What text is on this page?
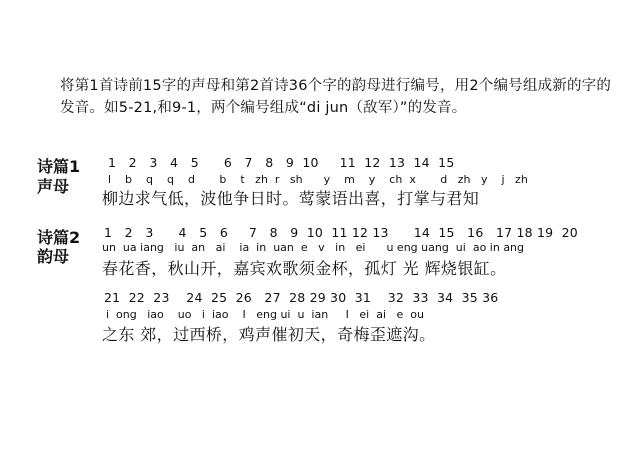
将第1首诗前15字的声母和第2首诗36个字的韵母进行编号，用2个编号组成新的字的发音。如5-21,和9-1，两个编号组成“di jun（敌军）”的发音。
诗篇1
声母
1   2   3   4   5      6   7   8   9  10     11  12  13  14  15
l    b    q    q    d       b    t   zh  r   sh      y    m    y    ch  x       d   zh   y    j   zh
柳边求气低，波他争日时。莺蒙语出喜，打掌与君知
诗篇2
韵母
1   2   3      4   5   6     7   8   9  10  11 12 13      14  15   16   17 18 19  20
un  ua iang   iu  an   ai    ia  in  uan  e   v   in   ei      u eng uang  ui  ao in ang
春花香，秋山开，嘉宾欢歌须金杯，孤灯 光 辉烧银缸。
21  22  23    24  25  26   27  28 29 30  31    32  33  34  35 36
i  ong   iao    uo   i  iao    I   eng ui  u  ian     I   ei  ai   e  ou
之东 郊，过西桥，鸡声催初天，奇梅歪遮沟。
